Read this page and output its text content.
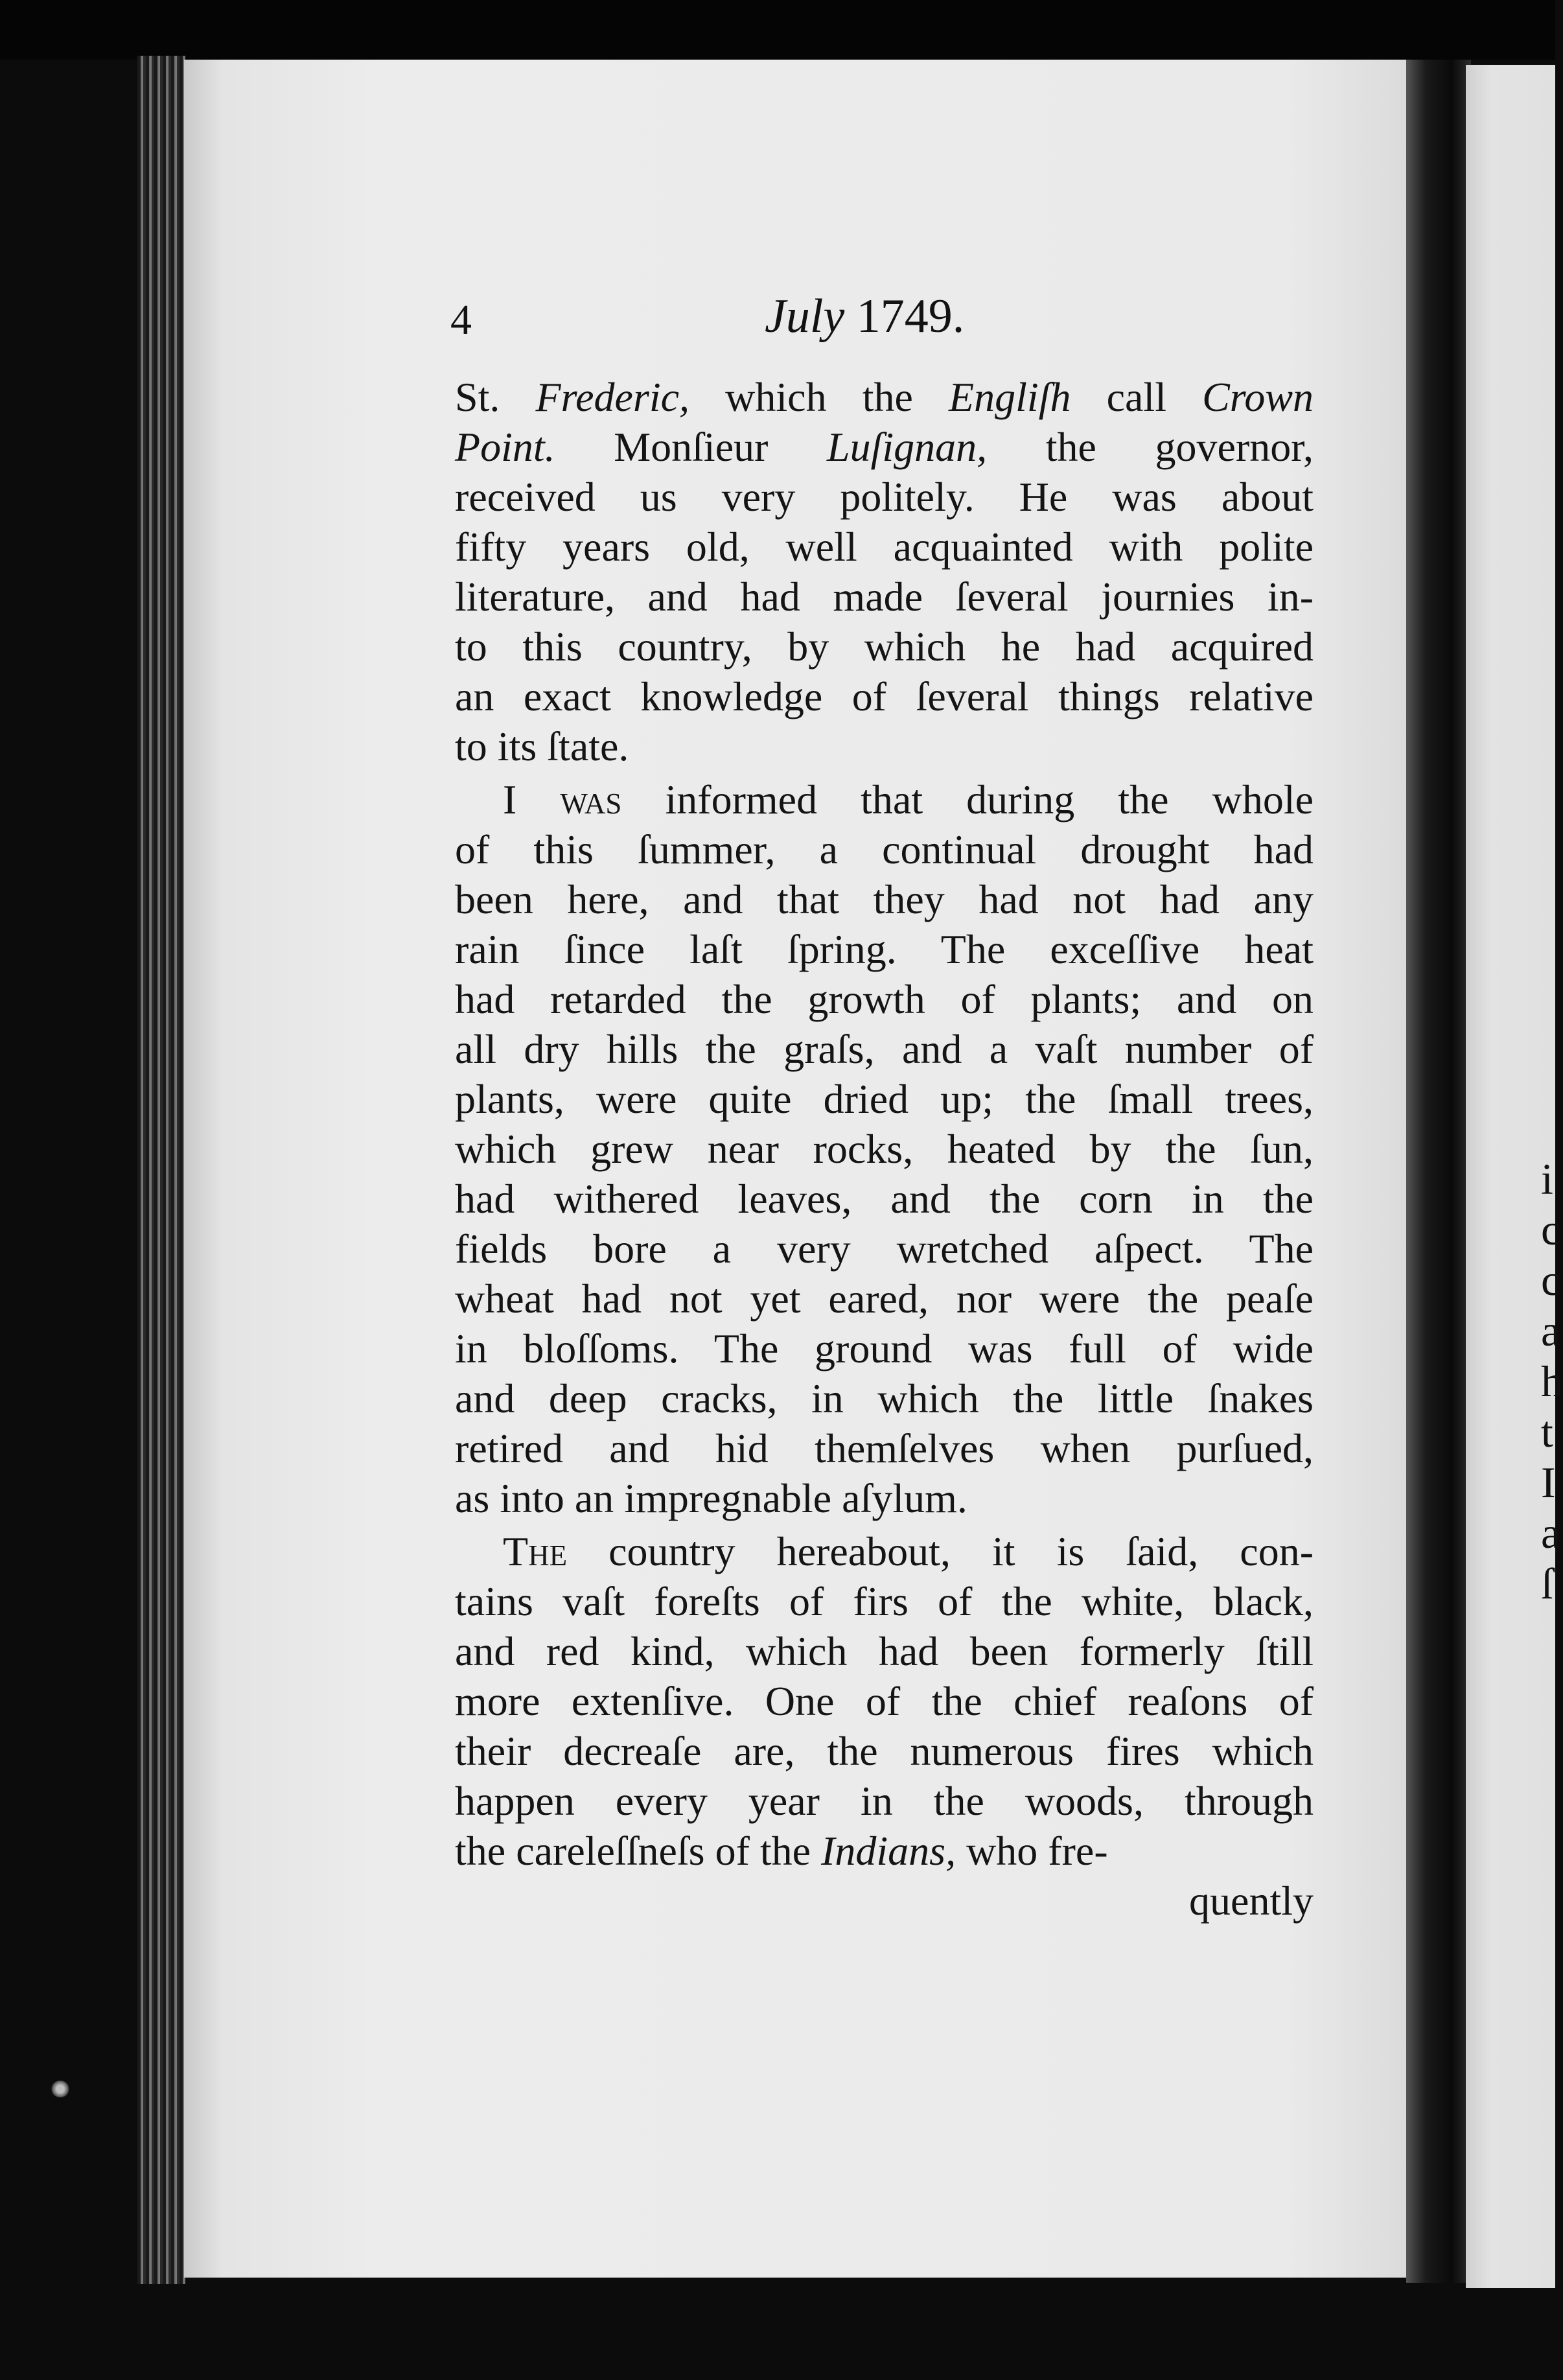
i
c
c
a
h
t
I
a
ſ
4	July 1749.
St. Frederic, which the Engliſh call Crown
Point. Monſieur Luſignan, the governor,
received us very politely. He was about
fifty years old, well acquainted with polite
literature, and had made ſeveral journies in-
to this country, by which he had acquired
an exact knowledge of ſeveral things relative
to its ſtate.
I was informed that during the whole
of this ſummer, a continual drought had
been here, and that they had not had any
rain ſince laſt ſpring. The exceſſive heat
had retarded the growth of plants; and on
all dry hills the graſs, and a vaſt number of
plants, were quite dried up; the ſmall trees,
which grew near rocks, heated by the ſun,
had withered leaves, and the corn in the
fields bore a very wretched aſpect. The
wheat had not yet eared, nor were the peaſe
in bloſſoms. The ground was full of wide
and deep cracks, in which the little ſnakes
retired and hid themſelves when purſued,
as into an impregnable aſylum.
The country hereabout, it is ſaid, con-
tains vaſt foreſts of firs of the white, black,
and red kind, which had been formerly ſtill
more extenſive. One of the chief reaſons of
their decreaſe are, the numerous fires which
happen every year in the woods, through
the careleſſneſs of the Indians, who fre-
quently
